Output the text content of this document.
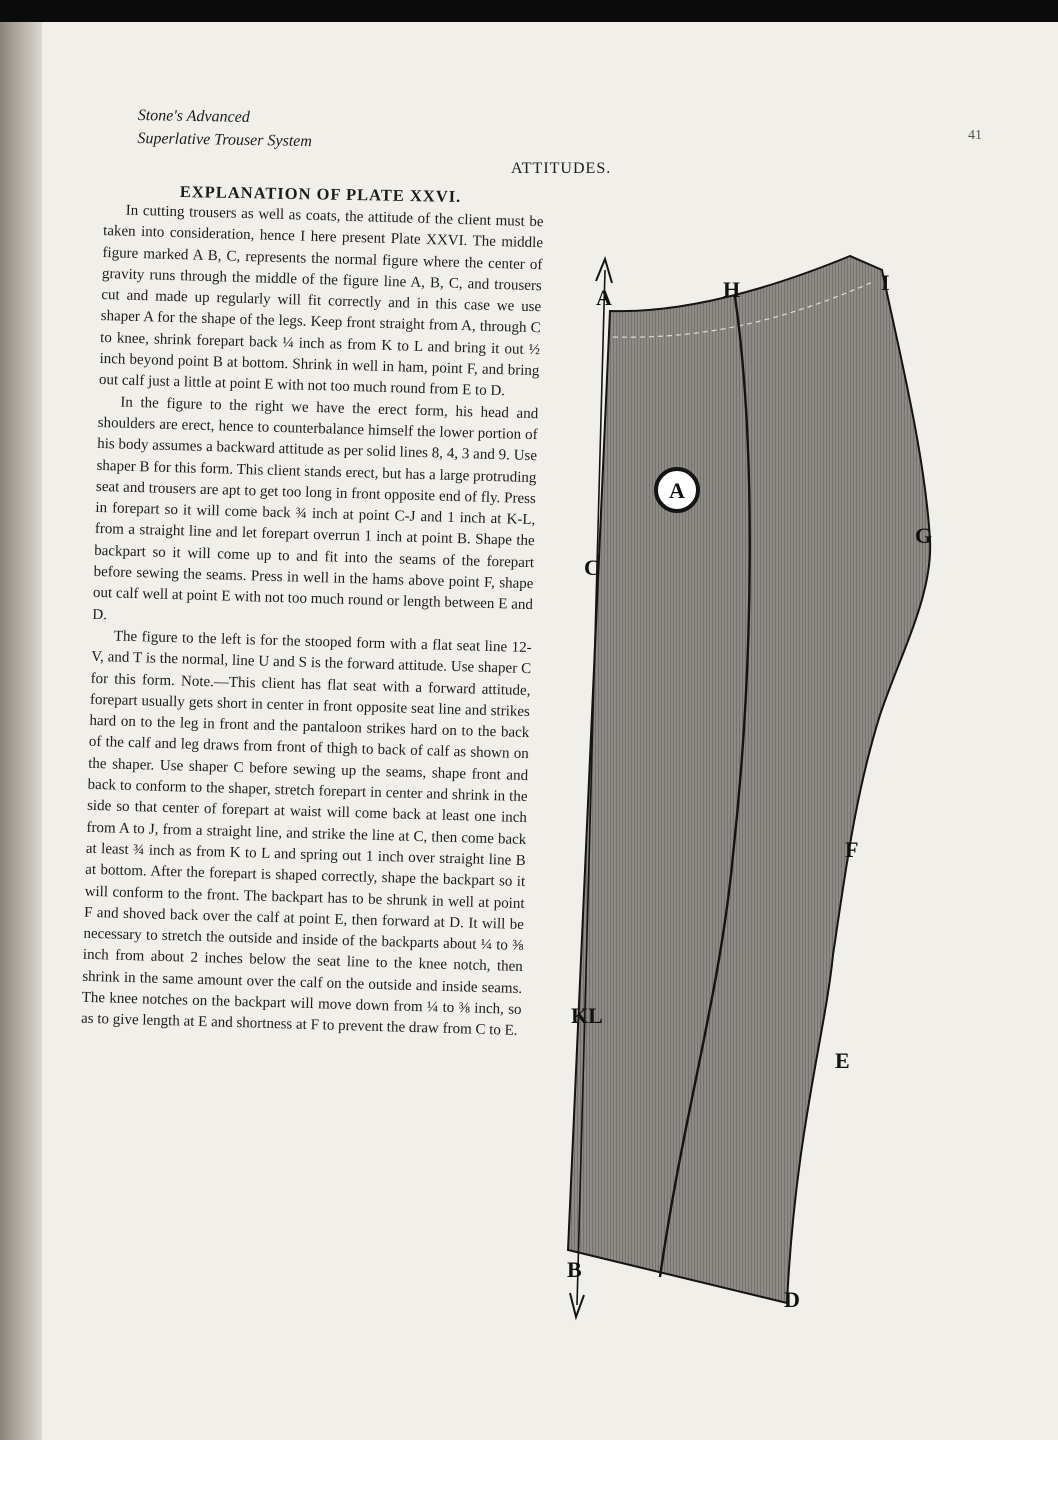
Stone's Advanced
Superlative Trouser System	41
ATTITUDES.
EXPLANATION OF PLATE XXVI.

In cutting trousers as well as coats, the attitude of the client must be taken into consideration, hence I here present Plate XXVI. The middle figure marked A B, C, represents the normal figure where the center of gravity runs through the middle of the figure line A, B, C, and trousers cut and made up regularly will fit correctly and in this case we use shaper A for the shape of the legs. Keep front straight from A, through C to knee, shrink forepart back ¼ inch as from K to L and bring it out ½ inch beyond point B at bottom. Shrink in well in ham, point F, and bring out calf just a little at point E with not too much round from E to D.

In the figure to the right we have the erect form, his head and shoulders are erect, hence to counterbalance himself the lower portion of his body assumes a backward attitude as per solid lines 8, 4, 3 and 9. Use shaper B for this form. This client stands erect, but has a large protruding seat and trousers are apt to get too long in front opposite end of fly. Press in forepart so it will come back ¾ inch at point C-J and 1 inch at K-L, from a straight line and let forepart overrun 1 inch at point B. Shape the backpart so it will come up to and fit into the seams of the forepart before sewing the seams. Press in well in the hams above point F, shape out calf well at point E with not too much round or length between E and D.

The figure to the left is for the stooped form with a flat seat line 12-V, and T is the normal, line U and S is the forward attitude. Use shaper C for this form. Note.—This client has flat seat with a forward attitude, forepart usually gets short in center in front opposite seat line and strikes hard on to the leg in front and the pantaloon strikes hard on to the back of the calf and leg draws from front of thigh to back of calf as shown on the shaper. Use shaper C before sewing up the seams, shape front and back to conform to the shaper, stretch forepart in center and shrink in the side so that center of forepart at waist will come back at least one inch from A to J, from a straight line, and strike the line at C, then come back at least ¾ inch as from K to L and spring out 1 inch over straight line B at bottom. After the forepart is shaped correctly, shape the backpart so it will conform to the front. The backpart has to be shrunk in well at point F and shoved back over the calf at point E, then forward at D. It will be necessary to stretch the outside and inside of the backparts about ¼ to ⅜ inch from about 2 inches below the seat line to the knee notch, then shrink in the same amount over the calf on the outside and inside seams. The knee notches on the backpart will move down from ¼ to ⅜ inch, so as to give length at E and shortness at F to prevent the draw from C to E.

A
A	H	I
G
C
F
KL
E
B
D
